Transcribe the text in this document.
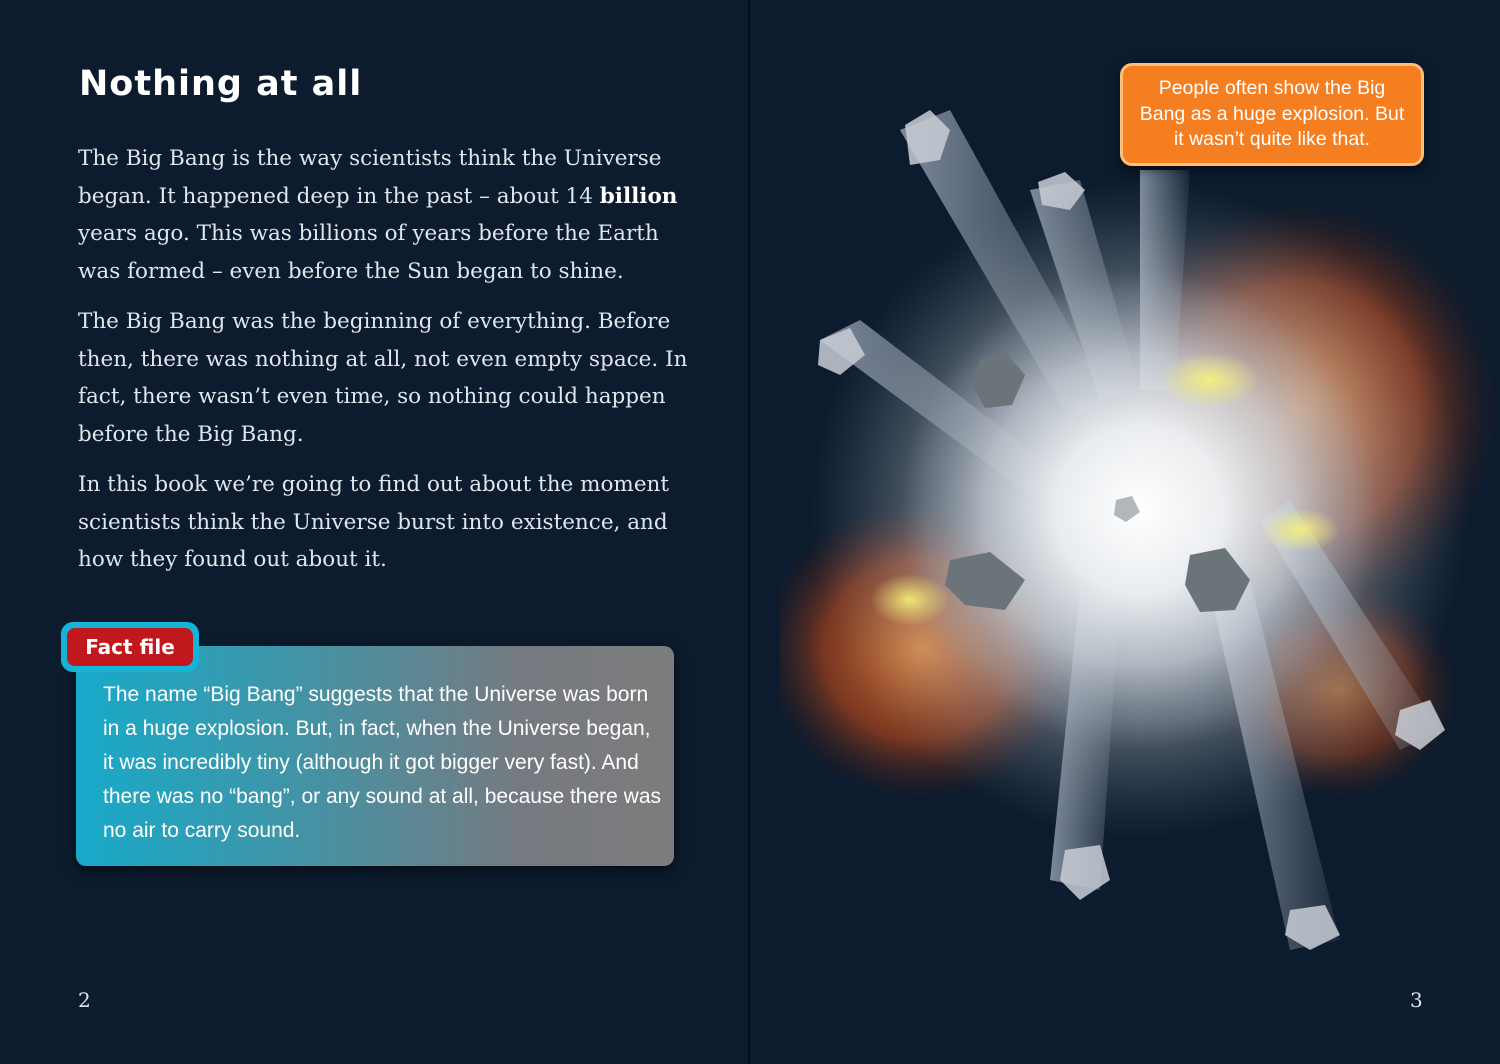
Nothing at all

The Big Bang is the way scientists think the Universe began. It happened deep in the past – about 14 billion years ago. This was billions of years before the Earth was formed – even before the Sun began to shine.

The Big Bang was the beginning of everything. Before then, there was nothing at all, not even empty space. In fact, there wasn’t even time, so nothing could happen before the Big Bang.

In this book we’re going to find out about the moment scientists think the Universe burst into existence, and how they found out about it.

Fact file
The name “Big Bang” suggests that the Universe was born in a huge explosion. But, in fact, when the Universe began, it was incredibly tiny (although it got bigger very fast). And there was no “bang”, or any sound at all, because there was no air to carry sound.
2
People often show the Big Bang as a huge explosion. But it wasn’t quite like that.
3
